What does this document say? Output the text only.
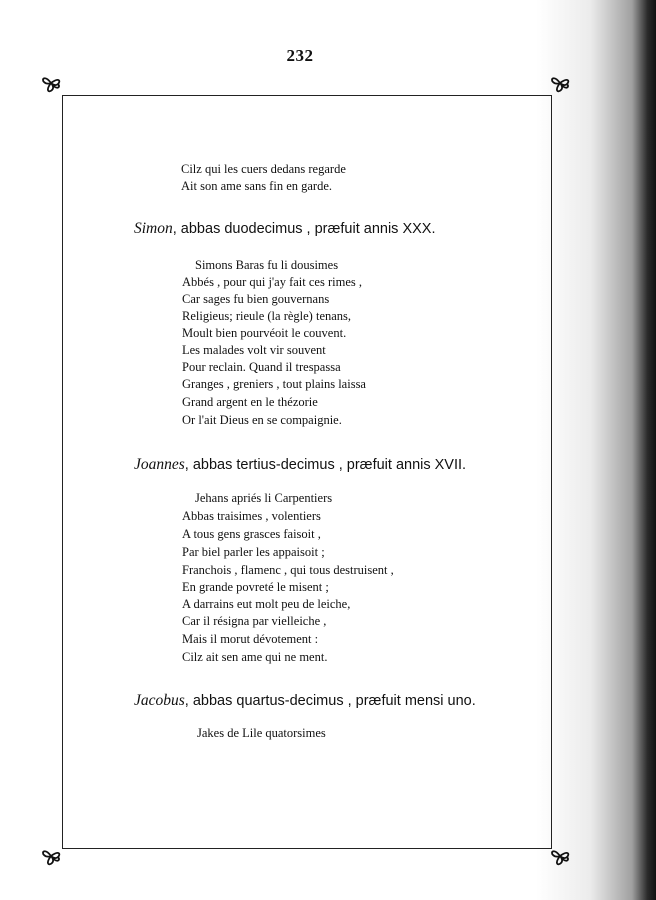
232
Cilz qui les cuers dedans regarde
Ait son ame sans fin en garde.
Simon, abbas duodecimus , præfuit annis XXX.
Simons Baras fu li dousimes
Abbés , pour qui j'ay fait ces rimes ,
Car sages fu bien gouvernans
Religieus; rieule (la règle) tenans,
Moult bien pourvéoit le couvent.
Les malades volt vir souvent
Pour reclain. Quand il trespassa
Granges , greniers , tout plains laissa
Grand argent en le thézorie
Or l'ait Dieus en se compaignie.
Joannes, abbas tertius-decimus , præfuit annis XVII.
Jehans apriés li Carpentiers
Abbas traisimes , volentiers
A tous gens grasces faisoit ,
Par biel parler les appaisoit ;
Franchois , flamenc , qui tous destruisent ,
En grande povreté le misent ;
A darrains eut molt peu de leiche,
Car il résigna par vielleiche ,
Mais il morut dévotement :
Cilz ait sen ame qui ne ment.
Jacobus, abbas quartus-decimus , præfuit mensi uno.
Jakes de Lile quatorsimes
